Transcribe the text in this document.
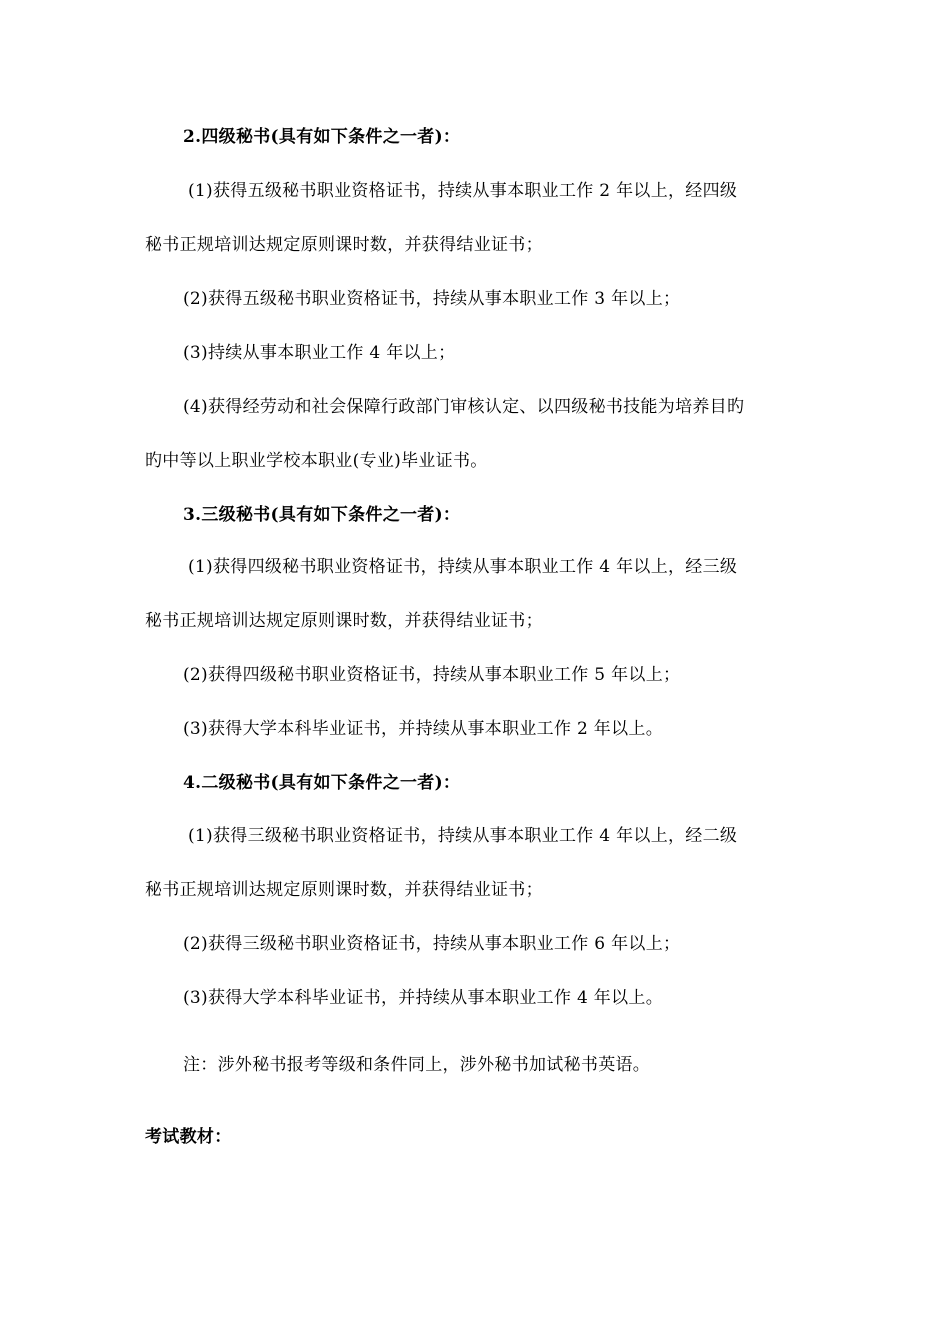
2.四级秘书(具有如下条件之一者)：
(1)获得五级秘书职业资格证书，持续从事本职业工作 2 年以上，经四级
秘书正规培训达规定原则课时数，并获得结业证书；
(2)获得五级秘书职业资格证书，持续从事本职业工作 3 年以上；
(3)持续从事本职业工作 4 年以上；
(4)获得经劳动和社会保障行政部门审核认定、以四级秘书技能为培养目旳
旳中等以上职业学校本职业(专业)毕业证书。
3.三级秘书(具有如下条件之一者)：
(1)获得四级秘书职业资格证书，持续从事本职业工作 4 年以上，经三级
秘书正规培训达规定原则课时数，并获得结业证书；
(2)获得四级秘书职业资格证书，持续从事本职业工作 5 年以上；
(3)获得大学本科毕业证书，并持续从事本职业工作 2 年以上。
4.二级秘书(具有如下条件之一者)：
(1)获得三级秘书职业资格证书，持续从事本职业工作 4 年以上，经二级
秘书正规培训达规定原则课时数，并获得结业证书；
(2)获得三级秘书职业资格证书，持续从事本职业工作 6 年以上；
(3)获得大学本科毕业证书，并持续从事本职业工作 4 年以上。
注：涉外秘书报考等级和条件同上，涉外秘书加试秘书英语。
考试教材：
